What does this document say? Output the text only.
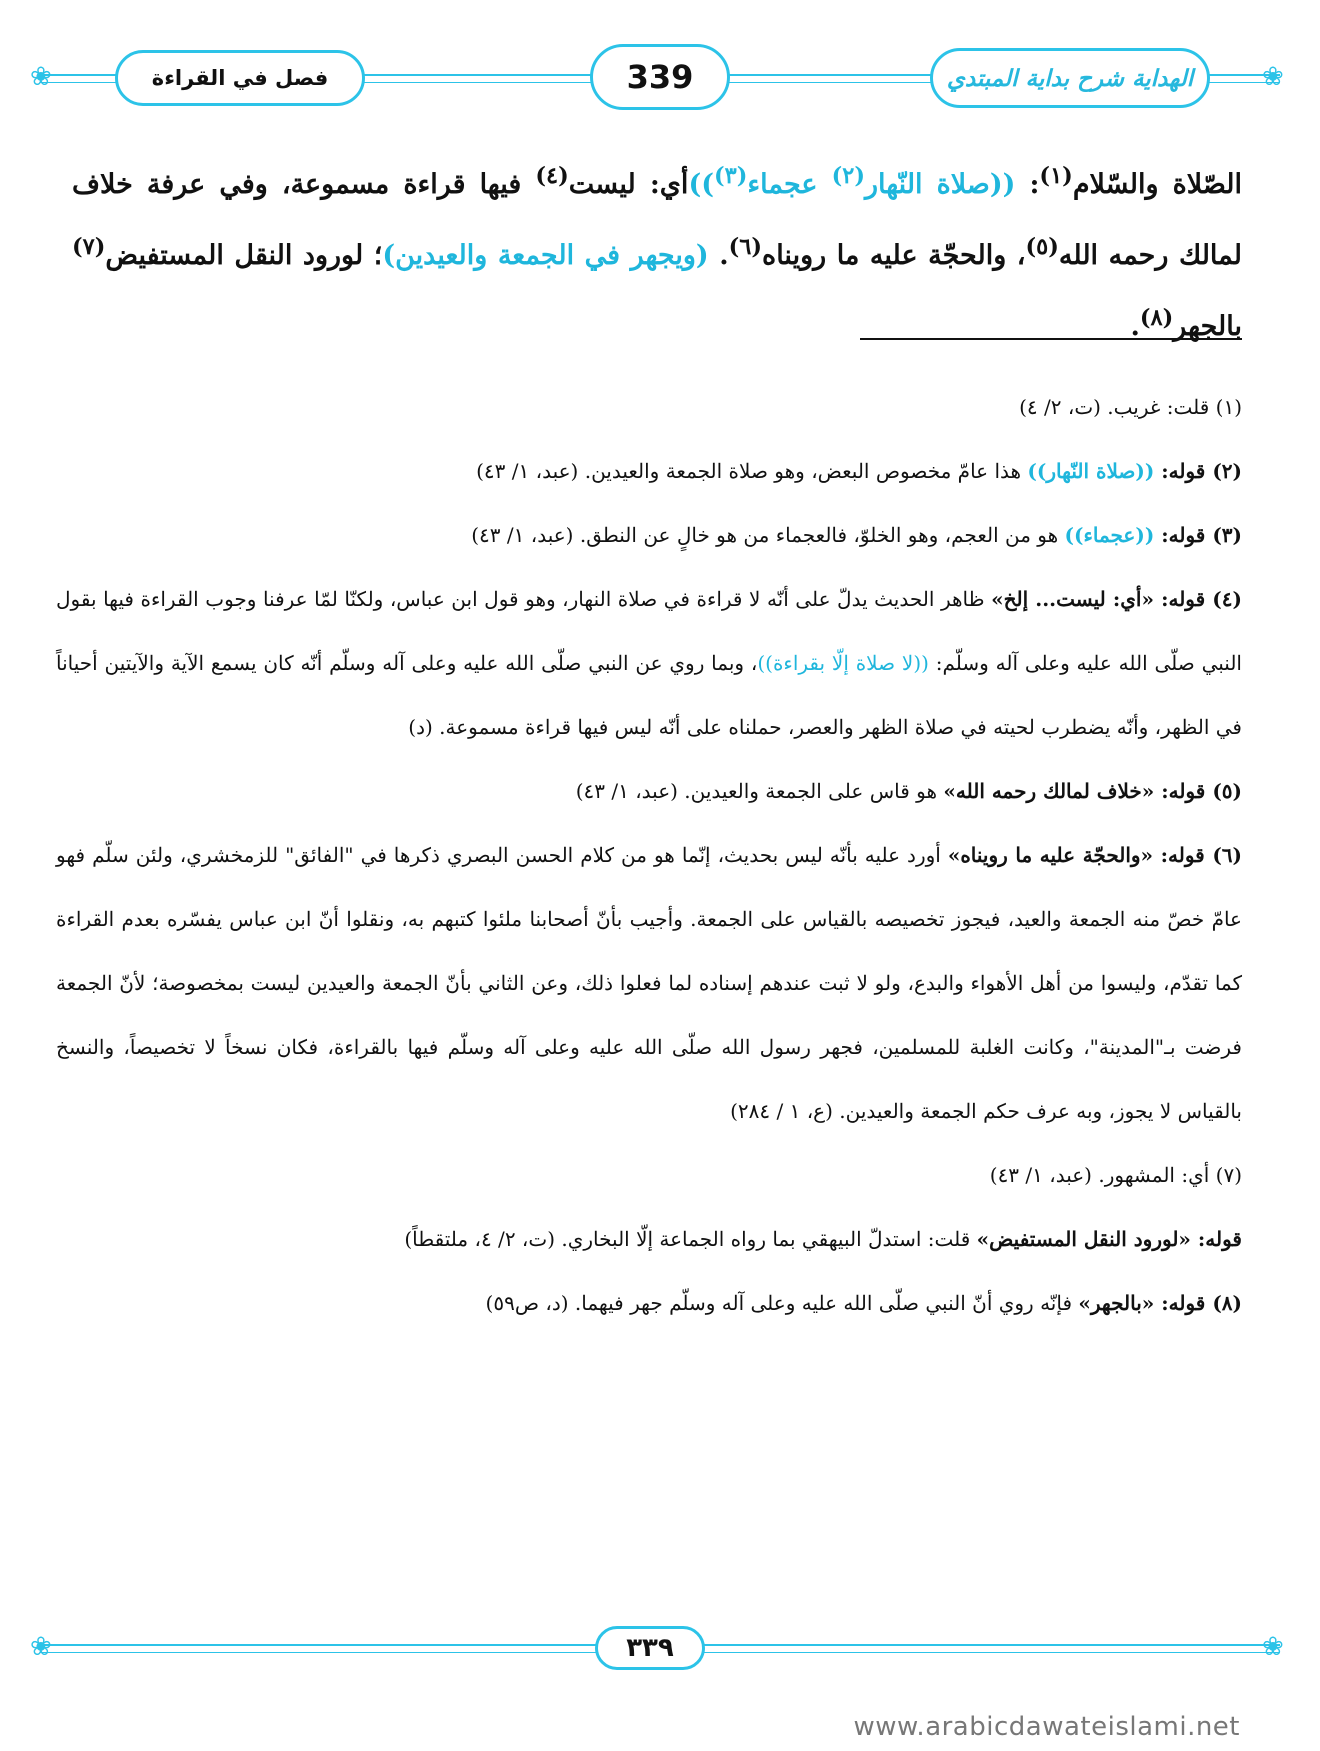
❀	❀
فصل في القراءة	339	الهداية شرح بداية المبتدي
الصّلاة والسّلام$^{(١)}$: ((صلاة النّهار$^{(٢)}$ عجماء$^{(٣)}$))أي: ليست$^{(٤)}$ فيها قراءة مسموعة، وفي عرفة خلاف لمالك رحمه الله$^{(٥)}$، والحجّة عليه ما رويناه$^{(٦)}$. (ويجهر في الجمعة والعيدين)؛ لورود النقل المستفيض$^{(٧)}$ بالجهر$^{(٨)}$.

(١) قلت: غريب. (ت، ٢/ ٤)

(٢) قوله: ((صلاة النّهار)) هذا عامّ مخصوص البعض، وهو صلاة الجمعة والعيدين. (عبد، ١/ ٤٣)

(٣) قوله: ((عجماء)) هو من العجم، وهو الخلوّ، فالعجماء من هو خالٍ عن النطق. (عبد، ١/ ٤٣)

(٤) قوله: «أي: ليست... إلخ» ظاهر الحديث يدلّ على أنّه لا قراءة في صلاة النهار، وهو قول ابن عباس، ولكنّا لمّا عرفنا وجوب القراءة فيها بقول النبي صلّى الله عليه وعلى آله وسلّم: ((لا صلاة إلّا بقراءة))، وبما روي عن النبي صلّى الله عليه وعلى آله وسلّم أنّه كان يسمع الآية والآيتين أحياناً في الظهر، وأنّه يضطرب لحيته في صلاة الظهر والعصر، حملناه على أنّه ليس فيها قراءة مسموعة. (د)

(٥) قوله: «خلاف لمالك رحمه الله» هو قاس على الجمعة والعيدين. (عبد، ١/ ٤٣)

(٦) قوله: «والحجّة عليه ما رويناه» أورد عليه بأنّه ليس بحديث، إنّما هو من كلام الحسن البصري ذكرها في "الفائق" للزمخشري، ولئن سلّم فهو عامّ خصّ منه الجمعة والعيد، فيجوز تخصيصه بالقياس على الجمعة. وأجيب بأنّ أصحابنا ملئوا كتبهم به، ونقلوا أنّ ابن عباس يفسّره بعدم القراءة كما تقدّم، وليسوا من أهل الأهواء والبدع، ولو لا ثبت عندهم إسناده لما فعلوا ذلك، وعن الثاني بأنّ الجمعة والعيدين ليست بمخصوصة؛ لأنّ الجمعة فرضت بـ"المدينة"، وكانت الغلبة للمسلمين، فجهر رسول الله صلّى الله عليه وعلى آله وسلّم فيها بالقراءة، فكان نسخاً لا تخصيصاً، والنسخ بالقياس لا يجوز، وبه عرف حكم الجمعة والعيدين. (ع، ١ / ٢٨٤)

(٧) أي: المشهور. (عبد، ١/ ٤٣)

قوله: «لورود النقل المستفيض» قلت: استدلّ البيهقي بما رواه الجماعة إلّا البخاري. (ت، ٢/ ٤، ملتقطاً)

(٨) قوله: «بالجهر» فإنّه روي أنّ النبي صلّى الله عليه وعلى آله وسلّم جهر فيهما. (د، ص٥٩)

❀	❀
٣٣٩
www.arabicdawateislami.net
